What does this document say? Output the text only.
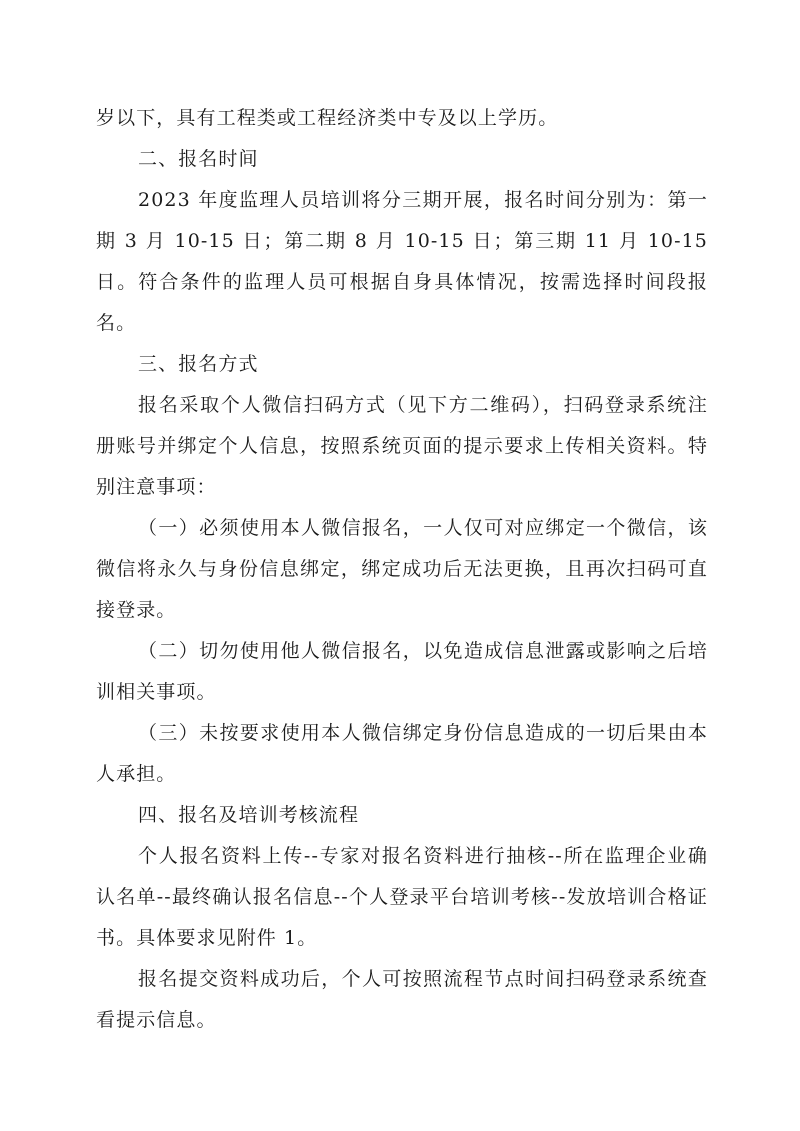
岁以下，具有工程类或工程经济类中专及以上学历。

二、报名时间

2023 年度监理人员培训将分三期开展，报名时间分别为：第一期 3 月 10-15 日；第二期 8 月 10-15 日；第三期 11 月 10-15 日。符合条件的监理人员可根据自身具体情况，按需选择时间段报名。

三、报名方式

报名采取个人微信扫码方式（见下方二维码），扫码登录系统注册账号并绑定个人信息，按照系统页面的提示要求上传相关资料。特别注意事项：

（一）必须使用本人微信报名，一人仅可对应绑定一个微信，该微信将永久与身份信息绑定，绑定成功后无法更换，且再次扫码可直接登录。

（二）切勿使用他人微信报名，以免造成信息泄露或影响之后培训相关事项。

（三）未按要求使用本人微信绑定身份信息造成的一切后果由本人承担。

四、报名及培训考核流程

个人报名资料上传--专家对报名资料进行抽核--所在监理企业确认名单--最终确认报名信息--个人登录平台培训考核--发放培训合格证书。具体要求见附件 1。

报名提交资料成功后，个人可按照流程节点时间扫码登录系统查看提示信息。
